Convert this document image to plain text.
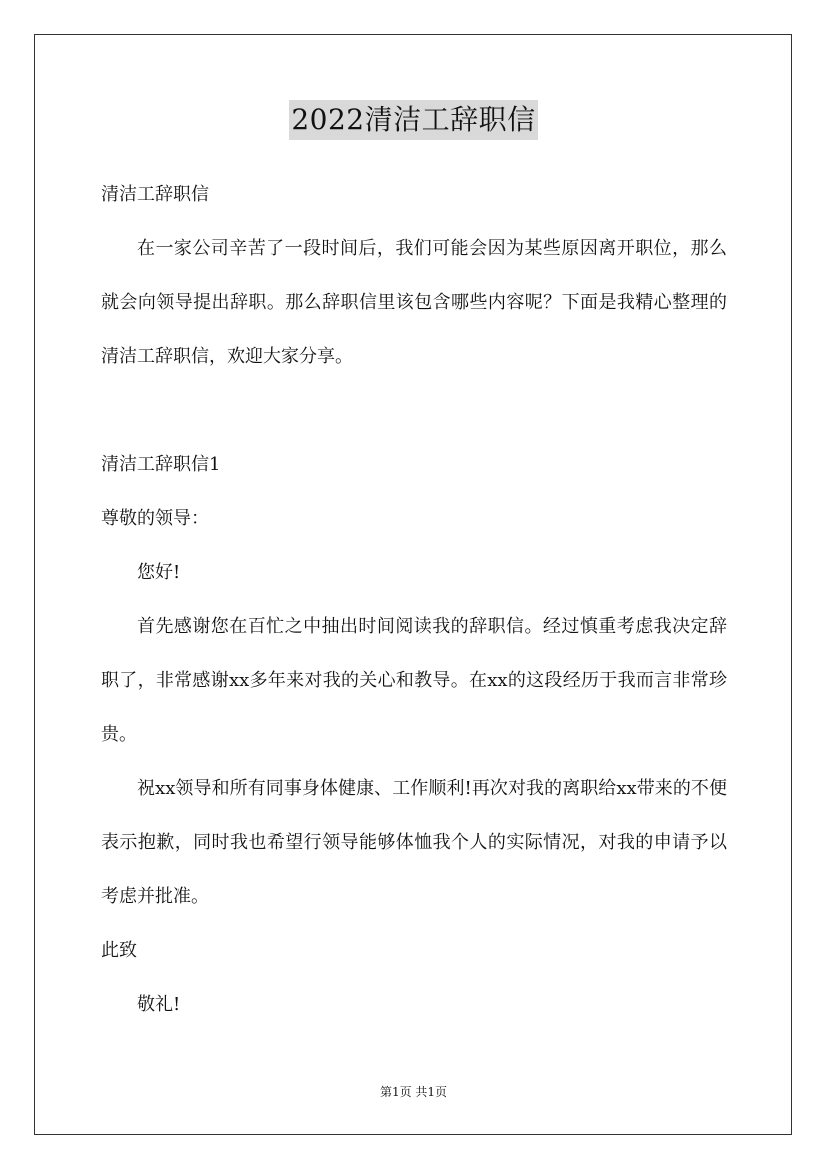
2022清洁工辞职信
清洁工辞职信
在一家公司辛苦了一段时间后，我们可能会因为某些原因离开职位，那么就会向领导提出辞职。那么辞职信里该包含哪些内容呢？下面是我精心整理的清洁工辞职信，欢迎大家分享。
清洁工辞职信1
尊敬的领导：
您好!
首先感谢您在百忙之中抽出时间阅读我的辞职信。经过慎重考虑我决定辞职了，非常感谢xx多年来对我的关心和教导。在xx的这段经历于我而言非常珍贵。
祝xx领导和所有同事身体健康、工作顺利!再次对我的离职给xx带来的不便表示抱歉，同时我也希望行领导能够体恤我个人的实际情况，对我的申请予以考虑并批准。
此致
敬礼!
第1页 共1页
